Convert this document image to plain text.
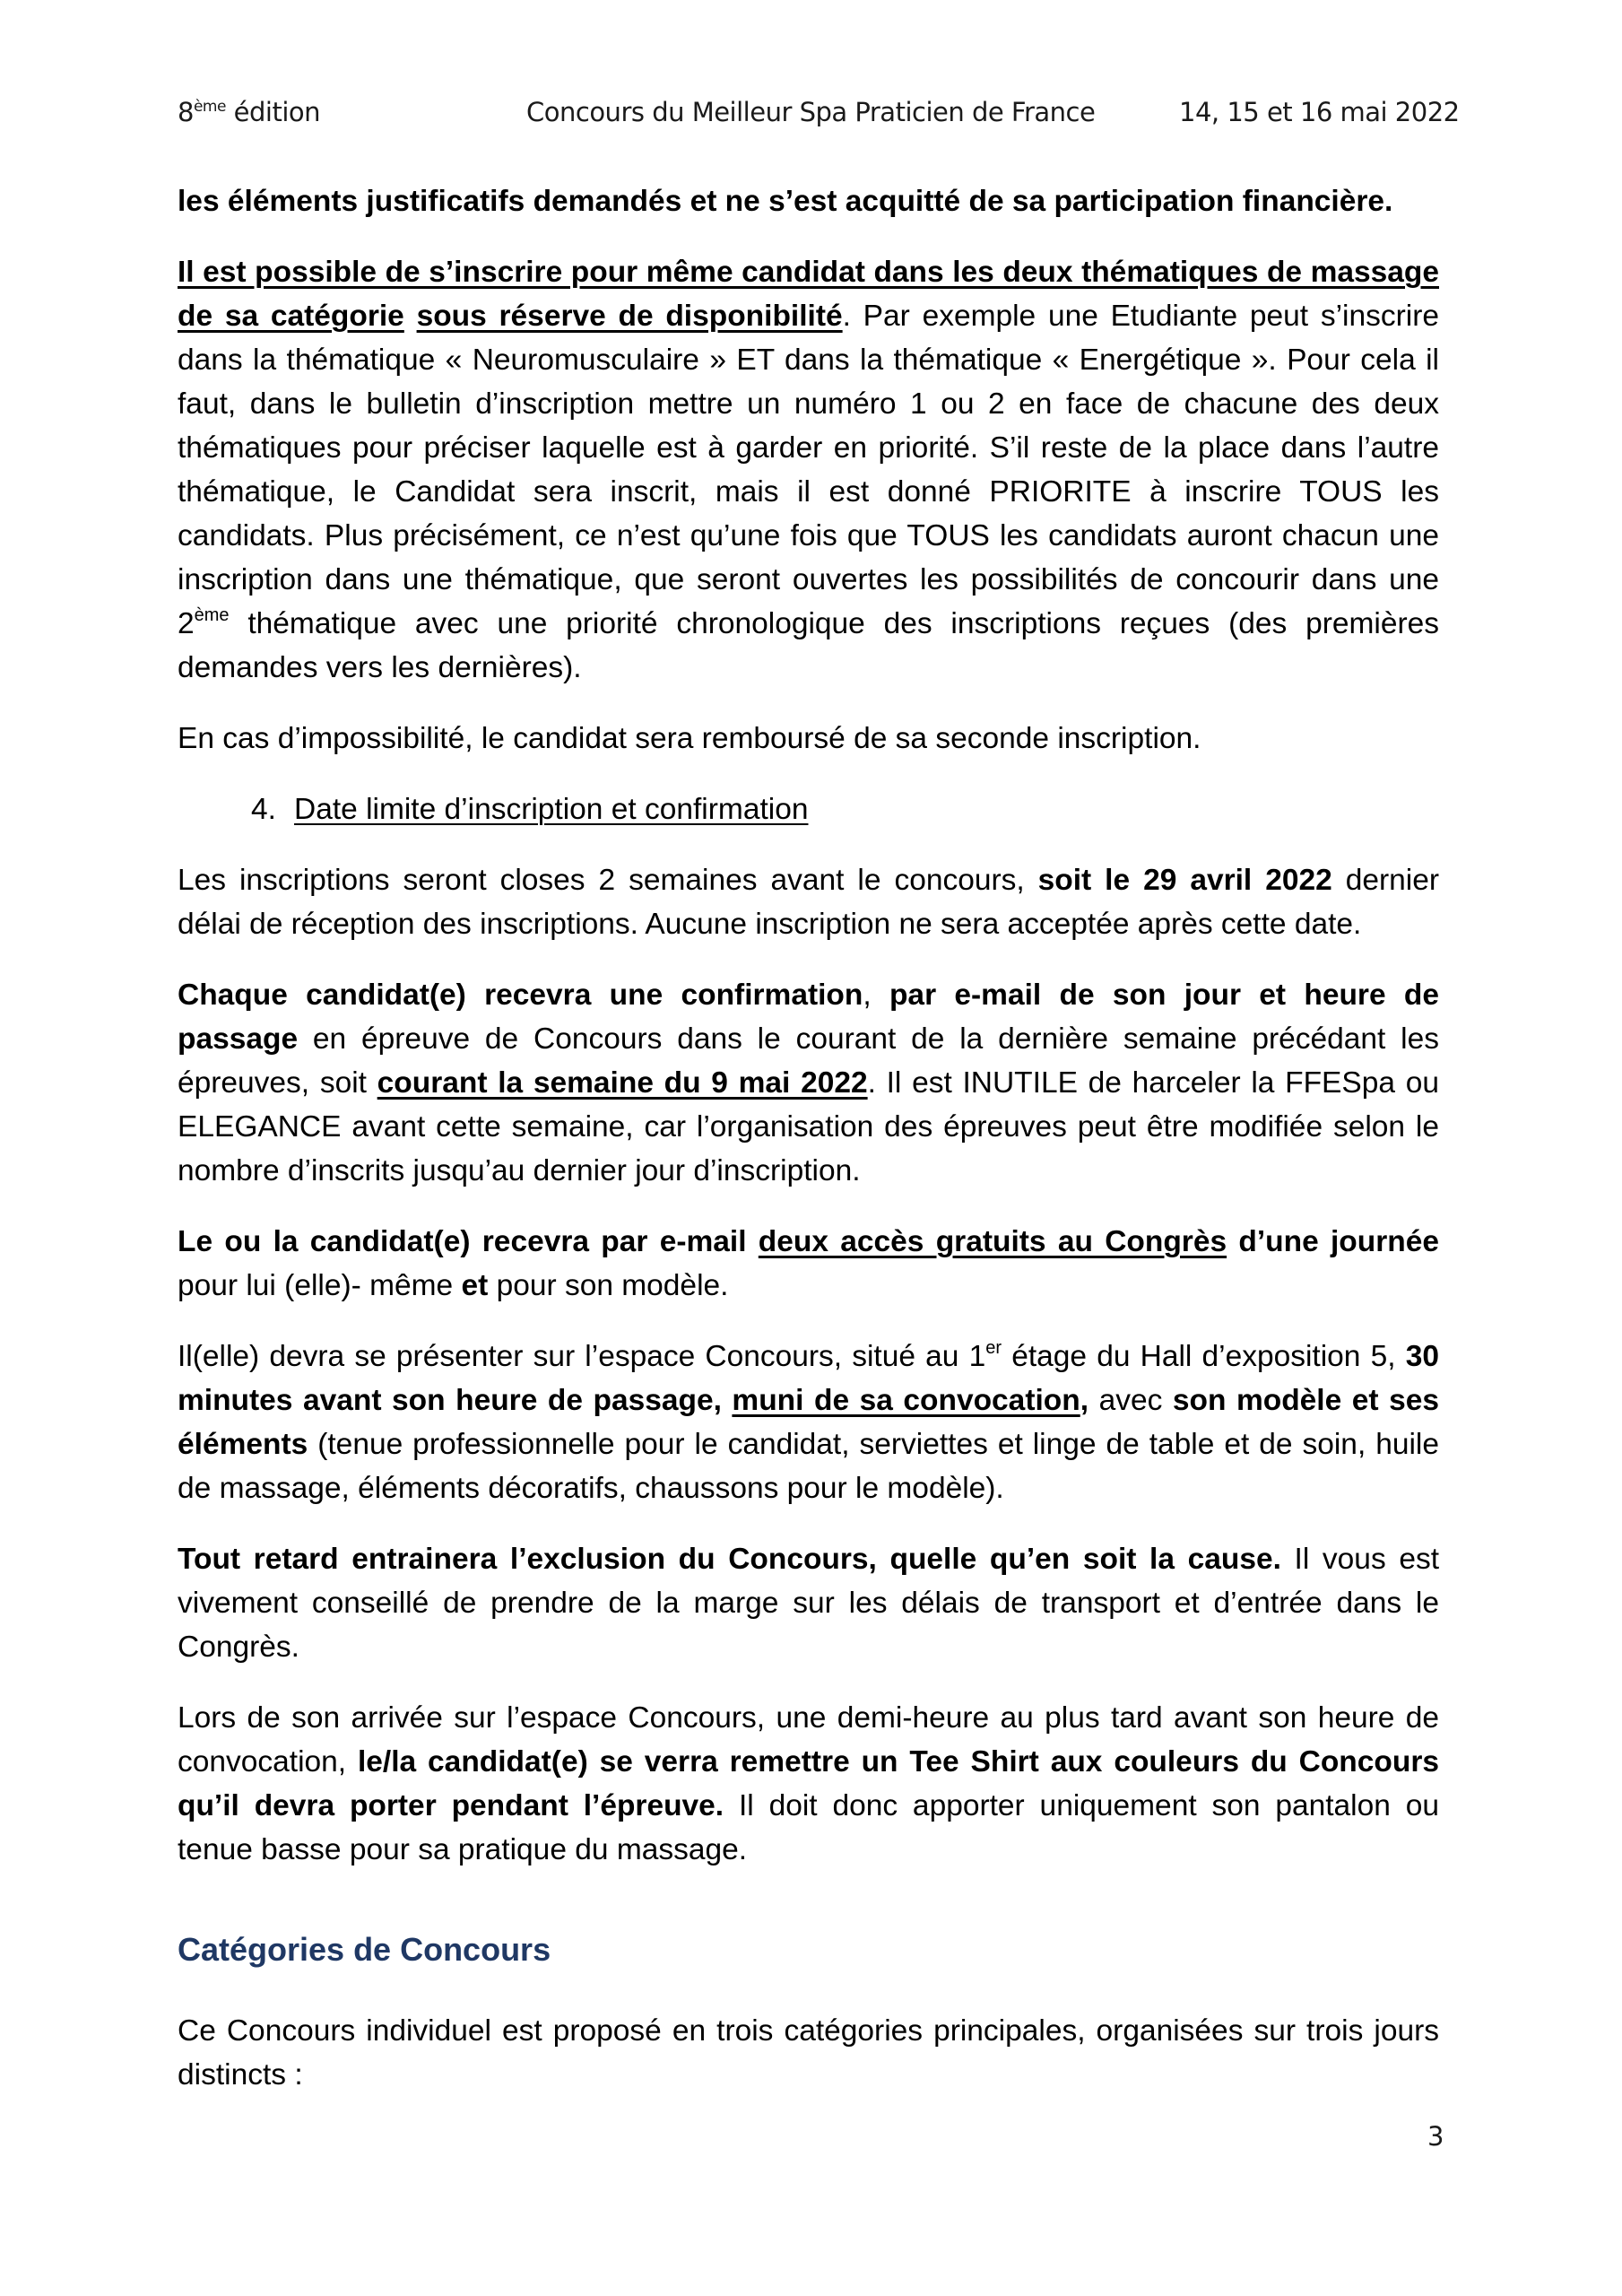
8ème édition	Concours du Meilleur Spa Praticien de France	14, 15 et 16 mai 2022

les éléments justificatifs demandés et ne s’est acquitté de sa participation financière.

Il est possible de s’inscrire pour même candidat dans les deux thématiques de massage de sa catégorie sous réserve de disponibilité. Par exemple une Etudiante peut s’inscrire dans la thématique « Neuromusculaire » ET dans la thématique « Energétique ». Pour cela il faut, dans le bulletin d’inscription mettre un numéro 1 ou 2 en face de chacune des deux thématiques pour préciser laquelle est à garder en priorité. S’il reste de la place dans l’autre thématique, le Candidat sera inscrit, mais il est donné PRIORITE à inscrire TOUS les candidats. Plus précisément, ce n’est qu’une fois que TOUS les candidats auront chacun une inscription dans une thématique, que seront ouvertes les possibilités de concourir dans une 2ème thématique avec une priorité chronologique des inscriptions reçues (des premières demandes vers les dernières).

En cas d’impossibilité, le candidat sera remboursé de sa seconde inscription.

4. Date limite d’inscription et confirmation

Les inscriptions seront closes 2 semaines avant le concours, soit le 29 avril 2022 dernier délai de réception des inscriptions. Aucune inscription ne sera acceptée après cette date.

Chaque candidat(e) recevra une confirmation, par e-mail de son jour et heure de passage en épreuve de Concours dans le courant de la dernière semaine précédant les épreuves, soit courant la semaine du 9 mai 2022. Il est INUTILE de harceler la FFESpa ou ELEGANCE avant cette semaine, car l’organisation des épreuves peut être modifiée selon le nombre d’inscrits jusqu’au dernier jour d’inscription.

Le ou la candidat(e) recevra par e-mail deux accès gratuits au Congrès d’une journée pour lui (elle)- même et pour son modèle.

Il(elle) devra se présenter sur l’espace Concours, situé au 1er étage du Hall d’exposition 5, 30 minutes avant son heure de passage, muni de sa convocation, avec son modèle et ses éléments (tenue professionnelle pour le candidat, serviettes et linge de table et de soin, huile de massage, éléments décoratifs, chaussons pour le modèle).

Tout retard entrainera l’exclusion du Concours, quelle qu’en soit la cause. Il vous est vivement conseillé de prendre de la marge sur les délais de transport et d’entrée dans le Congrès.

Lors de son arrivée sur l’espace Concours, une demi-heure au plus tard avant son heure de convocation, le/la candidat(e) se verra remettre un Tee Shirt aux couleurs du Concours qu’il devra porter pendant l’épreuve. Il doit donc apporter uniquement son pantalon ou tenue basse pour sa pratique du massage.

Catégories de Concours

Ce Concours individuel est proposé en trois catégories principales, organisées sur trois jours distincts :

3
